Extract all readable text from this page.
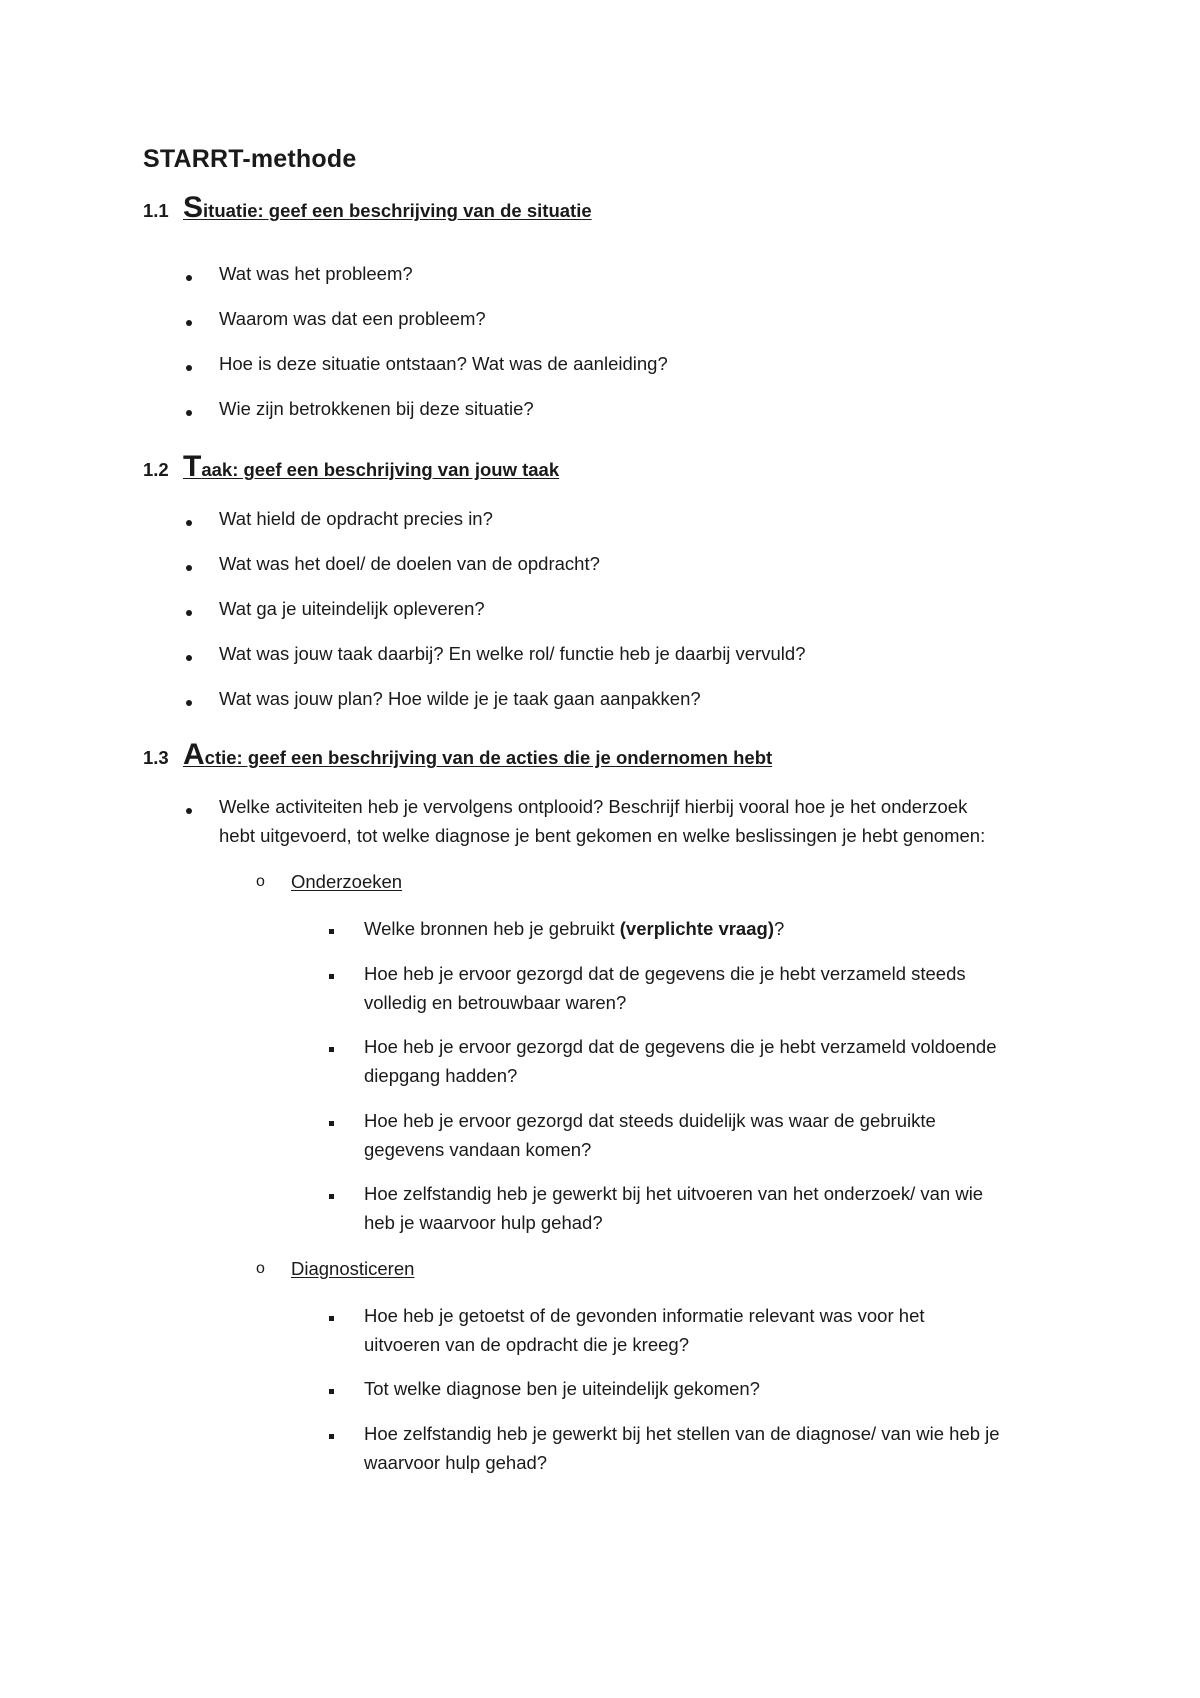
STARRT-methode
1.1 Situatie: geef een beschrijving van de situatie
Wat was het probleem?
Waarom was dat een probleem?
Hoe is deze situatie ontstaan? Wat was de aanleiding?
Wie zijn betrokkenen bij deze situatie?
1.2 Taak: geef een beschrijving van jouw taak
Wat hield de opdracht precies in?
Wat was het doel/ de doelen van de opdracht?
Wat ga je uiteindelijk opleveren?
Wat was jouw taak daarbij? En welke rol/ functie heb je daarbij vervuld?
Wat was jouw plan? Hoe wilde je je taak gaan aanpakken?
1.3 Actie: geef een beschrijving van de acties die je ondernomen hebt
Welke activiteiten heb je vervolgens ontplooid? Beschrijf hierbij vooral hoe je het onderzoek
hebt uitgevoerd, tot welke diagnose je bent gekomen en welke beslissingen je hebt genomen:
o Onderzoeken
Welke bronnen heb je gebruikt (verplichte vraag)?
Hoe heb je ervoor gezorgd dat de gegevens die je hebt verzameld steeds
volledig en betrouwbaar waren?
Hoe heb je ervoor gezorgd dat de gegevens die je hebt verzameld voldoende
diepgang hadden?
Hoe heb je ervoor gezorgd dat steeds duidelijk was waar de gebruikte
gegevens vandaan komen?
Hoe zelfstandig heb je gewerkt bij het uitvoeren van het onderzoek/ van wie
heb je waarvoor hulp gehad?
o Diagnosticeren
Hoe heb je getoetst of de gevonden informatie relevant was voor het
uitvoeren van de opdracht die je kreeg?
Tot welke diagnose ben je uiteindelijk gekomen?
Hoe zelfstandig heb je gewerkt bij het stellen van de diagnose/ van wie heb je
waarvoor hulp gehad?
